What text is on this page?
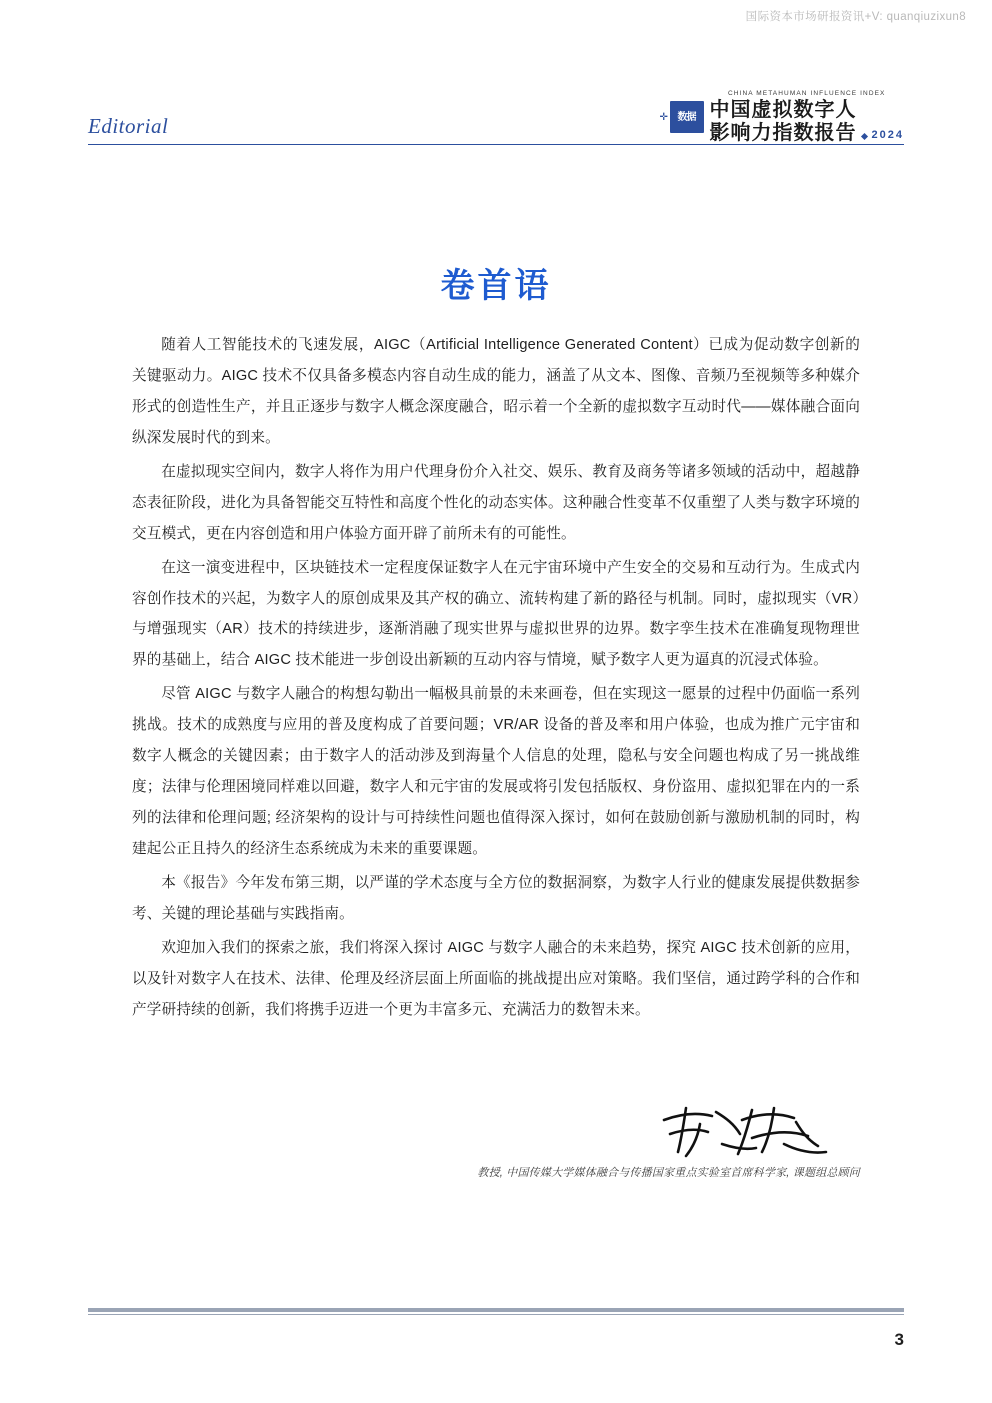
国际资本市场研报资讯+V: quanqiuzixun8
Editorial	✛ 数据
CHINA METAHUMAN INFLUENCE INDEX
中国虚拟数字人
影响力指数报告 2024
卷首语

随着人工智能技术的飞速发展，AIGC（Artificial Intelligence Generated Content）已成为促动数字创新的关键驱动力。AIGC 技术不仅具备多模态内容自动生成的能力，涵盖了从文本、图像、音频乃至视频等多种媒介形式的创造性生产，并且正逐步与数字人概念深度融合，昭示着一个全新的虚拟数字互动时代——媒体融合面向纵深发展时代的到来。

在虚拟现实空间内，数字人将作为用户代理身份介入社交、娱乐、教育及商务等诸多领域的活动中，超越静态表征阶段，进化为具备智能交互特性和高度个性化的动态实体。这种融合性变革不仅重塑了人类与数字环境的交互模式，更在内容创造和用户体验方面开辟了前所未有的可能性。

在这一演变进程中，区块链技术一定程度保证数字人在元宇宙环境中产生安全的交易和互动行为。生成式内容创作技术的兴起，为数字人的原创成果及其产权的确立、流转构建了新的路径与机制。同时，虚拟现实（VR）与增强现实（AR）技术的持续进步，逐渐消融了现实世界与虚拟世界的边界。数字孪生技术在准确复现物理世界的基础上，结合 AIGC 技术能进一步创设出新颖的互动内容与情境，赋予数字人更为逼真的沉浸式体验。

尽管 AIGC 与数字人融合的构想勾勒出一幅极具前景的未来画卷，但在实现这一愿景的过程中仍面临一系列挑战。技术的成熟度与应用的普及度构成了首要问题；VR/AR 设备的普及率和用户体验，也成为推广元宇宙和数字人概念的关键因素；由于数字人的活动涉及到海量个人信息的处理，隐私与安全问题也构成了另一挑战维度；法律与伦理困境同样难以回避，数字人和元宇宙的发展或将引发包括版权、身份盗用、虚拟犯罪在内的一系列的法律和伦理问题; 经济架构的设计与可持续性问题也值得深入探讨，如何在鼓励创新与激励机制的同时，构建起公正且持久的经济生态系统成为未来的重要课题。

本《报告》今年发布第三期，以严谨的学术态度与全方位的数据洞察，为数字人行业的健康发展提供数据参考、关键的理论基础与实践指南。

欢迎加入我们的探索之旅，我们将深入探讨 AIGC 与数字人融合的未来趋势，探究 AIGC 技术创新的应用，以及针对数字人在技术、法律、伦理及经济层面上所面临的挑战提出应对策略。我们坚信，通过跨学科的合作和产学研持续的创新，我们将携手迈进一个更为丰富多元、充满活力的数智未来。

教授, 中国传媒大学媒体融合与传播国家重点实验室首席科学家, 课题组总顾问
3
